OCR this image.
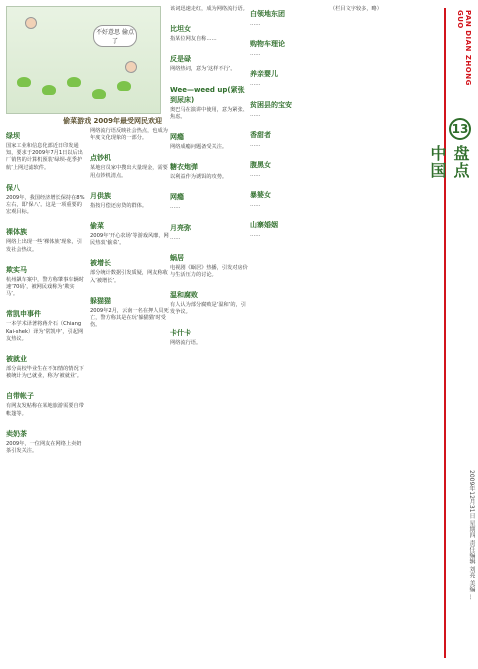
不好意思 偷点了
偷菜游戏 2009年最受网民欢迎
绿坝
国家工业和信息化部近日印发通知，要求于2009年7月1日以后出厂销售的计算机预装‘绿坝-花季护航’上网过滤软件。
保八
2009年，我国经济增长保持在8%左右，即‘保八’。这是一项重要的宏观目标。
裸体族
网络上出现一些‘裸体族’现象，引发社会热议。
欺实马
杭州飙车案中，警方称肇事车辆时速‘70码’，被网民戏称为‘欺实马’。
常凯申事件
一本学术译著将蒋介石（Chiang Kai-shek）译为‘常凯申’，引起网友热议。
被就业
部分高校毕业生在不知情的情况下被统计为已就业，称为‘被就业’。
自带帐子
有网友发帖称在某地旅游需要自带帐篷等。
卖奶茶
2009年，一位网友在网络上卖奶茶引发关注。
网络流行语反映社会热点，也成为年度文化现象的一部分。
点钞机
某地官员家中搜出大量现金，需要用点钞机清点。
月供族
指按月偿还房贷的群体。
偷菜
2009年‘开心农场’等游戏风靡，网民热衷‘偷菜’。
被增长
部分统计数据引发质疑，网友称收入‘被增长’。
躲猫猫
2009年2月，云南一名在押人员死亡，警方称其是在玩‘躲猫猫’时受伤。
该词迅速走红，成为网络流行语。
比坦女
指某位网友自称……
反是碌
网络热词，意为‘这样不行’。
Wee—weed up(紧张到尿床)
奥巴马在演讲中使用，意为紧张、焦虑。
网瘾
网络成瘾问题备受关注。
糖衣炮弹
以利益作为诱饵的攻势。
网瘾
……
月亮弥
……
蜗居
电视剧《蜗居》热播，引发对房价与生活压力的讨论。
温和腐败
有人认为部分腐败是‘温和’的，引发争议。
卡什卡
网络流行语。
白领地东团
……
购物车理论
……
养亲婴儿
……
贫困县的宝安
……
香甜者
……
腹黑女
……
暴婆女
……
山寨婚姻
……
（栏目文字较多，略）
PAN DIAN ZHONG GUO
13
盘点中国
2009年12月31日 星期四 责任编辑 刘亮 美编 ...
